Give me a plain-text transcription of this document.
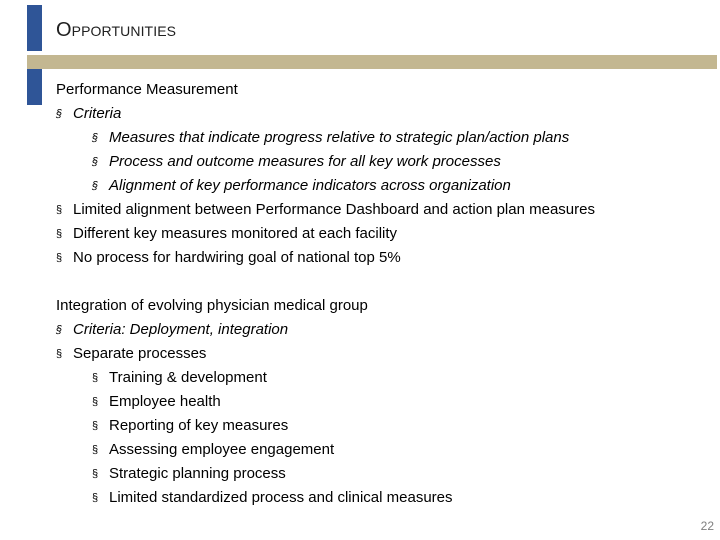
Opportunities
Performance Measurement
§ Criteria
§ Measures that indicate progress relative to strategic plan/action plans
§ Process and outcome measures for all key work processes
§ Alignment of key performance indicators across organization
§ Limited alignment between Performance Dashboard and action plan measures
§ Different key measures monitored at each facility
§ No process for hardwiring goal of national top 5%
Integration of evolving physician medical group
§ Criteria: Deployment, integration
§ Separate processes
§ Training & development
§ Employee health
§ Reporting of key measures
§ Assessing employee engagement
§ Strategic planning process
§ Limited standardized process and clinical measures
22
